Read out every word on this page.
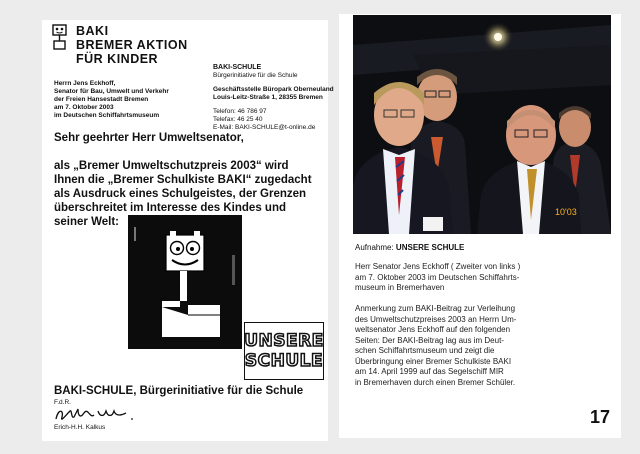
BAKI
BREMER AKTION
FÜR KINDER
Herrn Jens Eckhoff,
Senator für Bau, Umwelt und Verkehr
der Freien Hansestadt Bremen
am 7. Oktober 2003
im Deutschen Schiffahrtsmuseum
BAKI-SCHULE
Bürgerinitiative für die Schule
Geschäftsstelle Büropark Oberneuland
Louis-Leitz-Straße 1, 28355 Bremen
Telefon: 46 786 97
Telefax: 46 25 40
E-Mail: BAKI-SCHULE@t-online.de
Sehr geehrter Herr Umweltsenator,
als „Bremer Umweltschutzpreis 2003“ wird
Ihnen die „Bremer Schulkiste BAKI“ zugedacht
als Ausdruck eines Schulgeistes, der Grenzen
überschreitet im Interesse des Kindes und
seiner Welt:
UNSERE
SCHULE
BAKI-SCHULE, Bürgerinitiative für die Schule
F.d.R.
Erich-H.H. Kalkus
10'03
Aufnahme: UNSERE SCHULE
Herr Senator Jens Eckhoff ( Zweiter von links )
am 7. Oktober 2003 im Deutschen Schiffahrts-
museum in Bremerhaven
Anmerkung zum BAKI-Beitrag zur Verleihung
des Umweltschutzpreises 2003 an Herrn Um-
weltsenator Jens Eckhoff auf den folgenden
Seiten: Der BAKI-Beitrag lag aus im Deut-
schen Schiffahrtsmuseum und zeigt die
Überbringung einer Bremer Schulkiste BAKI
am 14. April 1999 auf das Segelschiff MIR
in Bremerhaven durch einen Bremer Schüler.
17
